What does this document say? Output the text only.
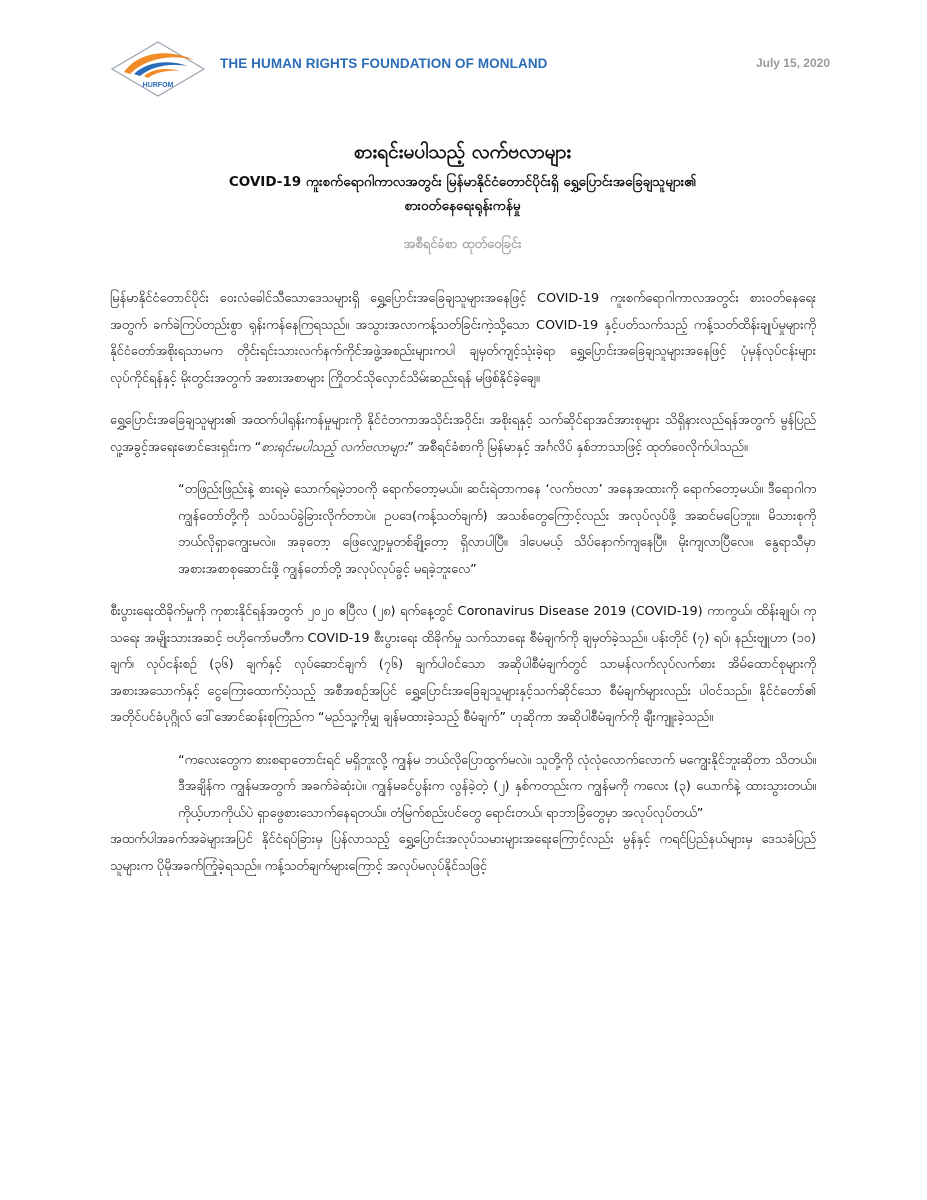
HURFOM
THE HUMAN RIGHTS FOUNDATION OF MONLAND	July 15, 2020
စားရင်းမပါသည့် လက်ဗလာများ
COVID-19 ကူးစက်ရောဂါကာလအတွင်း မြန်မာနိုင်ငံတောင်ပိုင်းရှိ ရွှေ့ပြောင်းအခြေချသူများ၏
စားဝတ်နေရေးရုန်းကန်မှု
အစီရင်ခံစာ ထုတ်ဝေခြင်း

မြန်မာနိုင်ငံတောင်ပိုင်း ဝေးလံခေါင်သီသောဒေသများရှိ ရွှေ့ပြောင်းအခြေချသူများအနေဖြင့် COVID-19 ကူးစက်ရောဂါကာလအတွင်း စားဝတ်နေရေးအတွက် ခက်ခဲကြပ်တည်းစွာ ရုန်းကန်နေကြရသည်။ အသွားအလာကန့်သတ်ခြင်းကဲ့သို့သော COVID-19 နှင့်ပတ်သက်သည့် ကန့်သတ်ထိန်းချုပ်မှုများကို နိုင်ငံတော်အစိုးရသာမက တိုင်းရင်းသားလက်နက်ကိုင်အဖွဲ့အစည်းများကပါ ချမှတ်ကျင့်သုံးခဲ့ရာ ရွှေ့ပြောင်းအခြေချသူများအနေဖြင့် ပုံမှန်လုပ်ငန်းများ လုပ်ကိုင်ရန်နှင့် မိုးတွင်းအတွက် အစားအစာများ ကြိုတင်သိုလှောင်သိမ်းဆည်းရန် မဖြစ်နိုင်ခဲ့ချေ။

ရွှေ့ပြောင်းအခြေချသူများ၏ အထက်ပါရုန်းကန်မှုများကို နိုင်ငံတကာအသိုင်းအဝိုင်း၊ အစိုးရနှင့် သက်ဆိုင်ရာအင်အားစုများ သိရှိနားလည်ရန်အတွက် မွန်ပြည်လူ့အခွင့်အရေးဖောင်ဒေးရှင်းက “စားရင်းမပါသည့် လက်ဗလာများ” အစီရင်ခံစာကို မြန်မာနှင့် အင်္ဂလိပ် နှစ်ဘာသာဖြင့် ထုတ်ဝေလိုက်ပါသည်။

“တဖြည်းဖြည်းနဲ့ စားရမဲ့ သောက်ရမဲ့ဘဝကို ရောက်တော့မယ်။ ဆင်းရဲတာကနေ ‘လက်ဗလာ’ အနေအထားကို ရောက်တော့မယ်။ ဒီရောဂါက ကျွန်တော်တို့ကို သပ်သပ်ခွဲခြားလိုက်တာပဲ။ ဥပဒေ(ကန့်သတ်ချက်) အသစ်တွေကြောင့်လည်း အလုပ်လုပ်ဖို့ အဆင်မပြေဘူး။ မိသားစုကို ဘယ်လိုရှာကျွေးမလဲ။ အခုတော့ ဖြေလျှော့မှုတစ်ချို့တော့ ရှိလာပါပြီ။ ဒါပေမယ့် သိပ်နောက်ကျနေပြီ။ မိုးကျလာပြီလေ။ နွေရာသီမှာ အစားအစာစုဆောင်းဖို့ ကျွန်တော်တို့ အလုပ်လုပ်ခွင့် မရခဲ့ဘူးလေ”

စီးပွားရေးထိခိုက်မှုကို ကုစားနိုင်ရန်အတွက် ၂၀၂၀ ဧပြီလ (၂၈) ရက်နေ့တွင် Coronavirus Disease 2019 (COVID-19) ကာကွယ်၊ ထိန်းချုပ်၊ ကုသရေး အမျိုးသားအဆင့် ဗဟိုကော်မတီက COVID-19 စီးပွားရေး ထိခိုက်မှု သက်သာရေး စီမံချက်ကို ချမှတ်ခဲ့သည်။ ပန်းတိုင် (၇) ရပ်၊ နည်းဗျူဟာ (၁၀) ချက်၊ လုပ်ငန်းစဉ် (၃၆) ချက်နှင့် လုပ်ဆောင်ချက် (၇၆) ချက်ပါဝင်သော အဆိုပါစီမံချက်တွင် သာမန်လက်လုပ်လက်စား အိမ်ထောင်စုများကို အစားအသောက်နှင့် ငွေကြေးထောက်ပံ့သည့် အစီအစဉ်အပြင် ရွှေ့ပြောင်းအခြေချသူများနှင့်သက်ဆိုင်သော စီမံချက်များလည်း ပါဝင်သည်။ နိုင်ငံတော်၏ အတိုင်ပင်ခံပုဂ္ဂိုလ် ဒေါ်အောင်ဆန်းစုကြည်က “မည်သူ့ကိုမျှ ချန်မထားခဲ့သည့် စီမံချက်” ဟုဆိုကာ အဆိုပါစီမံချက်ကို ချီးကျူးခဲ့သည်။

“ကလေးတွေက စားစရာတောင်းရင် မရှိဘူးလို့ ကျွန်မ ဘယ်လိုပြောထွက်မလဲ။ သူတို့ကို လုံလုံလောက်လောက် မကျွေးနိုင်ဘူးဆိုတာ သိတယ်။ ဒီအချိန်က ကျွန်မအတွက် အခက်ခဲဆုံးပဲ။ ကျွန်မခင်ပွန်းက လွန်ခဲ့တဲ့ (၂) နှစ်ကတည်းက ကျွန်မကို ကလေး (၃) ယောက်နဲ့ ထားသွားတယ်။ ကိုယ့်ဟာကိုယ်ပဲ ရှာဖွေစားသောက်နေရတယ်။ တံမြက်စည်းပင်တွေ ရောင်းတယ်၊ ရာဘာခြံတွေမှာ အလုပ်လုပ်တယ်”

အထက်ပါအခက်အခဲများအပြင် နိုင်ငံရပ်ခြားမှ ပြန်လာသည့် ရွှေ့ပြောင်းအလုပ်သမားများအရေးကြောင့်လည်း မွန်နှင့် ကရင်ပြည်နယ်များမှ ဒေသခံပြည်သူများက ပိုမိုအခက်ကြုံခဲ့ရသည်။ ကန့်သတ်ချက်များကြောင့် အလုပ်မလုပ်နိုင်သဖြင့်
